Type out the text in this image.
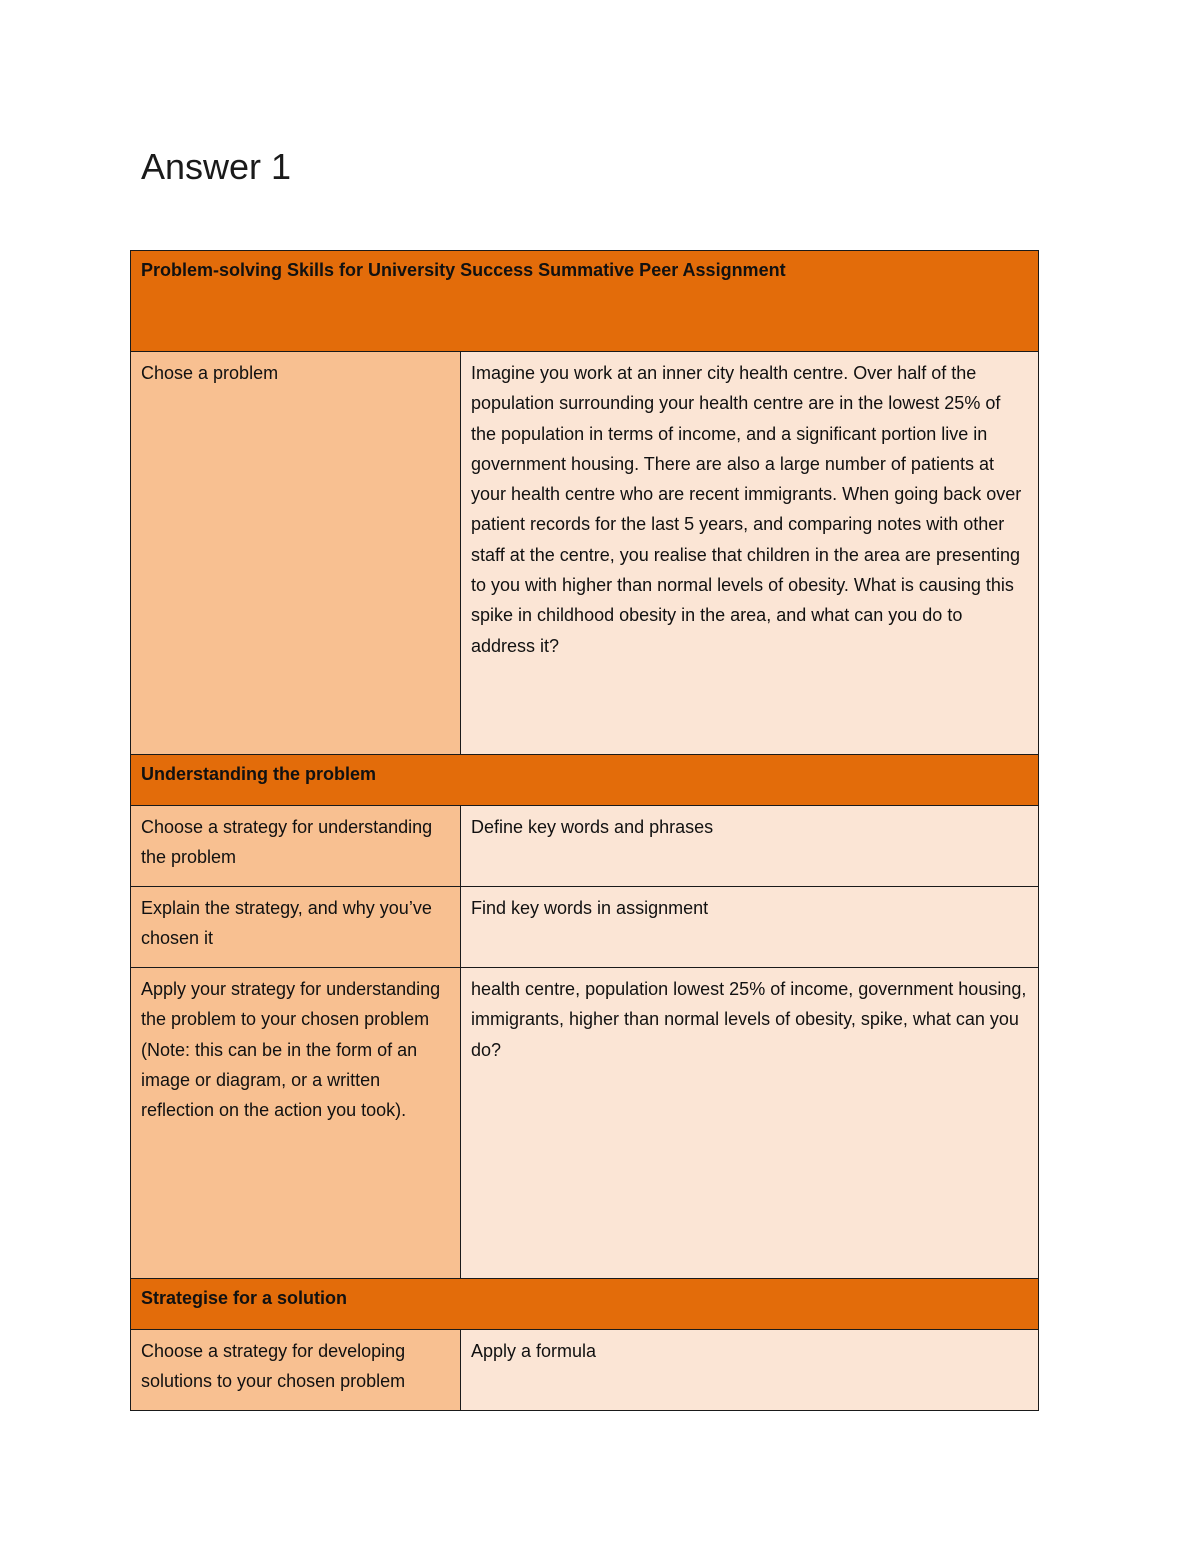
Answer 1
Problem-solving Skills for University Success Summative Peer Assignment	
Chose a problem	Imagine you work at an inner city health centre. Over half of the population surrounding your health centre are in the lowest 25% of the population in terms of income, and a significant portion live in government housing. There are also a large number of patients at your health centre who are recent immigrants. When going back over patient records for the last 5 years, and comparing notes with other staff at the centre, you realise that children in the area are presenting to you with higher than normal levels of obesity. What is causing this spike in childhood obesity in the area, and what can you do to address it?
Understanding the problem	
Choose a strategy for understanding the problem	Define key words and phrases
Explain the strategy, and why you’ve chosen it	Find key words in assignment
Apply your strategy for understanding the problem to your chosen problem (Note: this can be in the form of an image or diagram, or a written reflection on the action you took).	health centre, population lowest 25% of income, government housing, immigrants, higher than normal levels of obesity, spike, what can you do?
Strategise for a solution	
Choose a strategy for developing solutions to your chosen problem	Apply a formula
